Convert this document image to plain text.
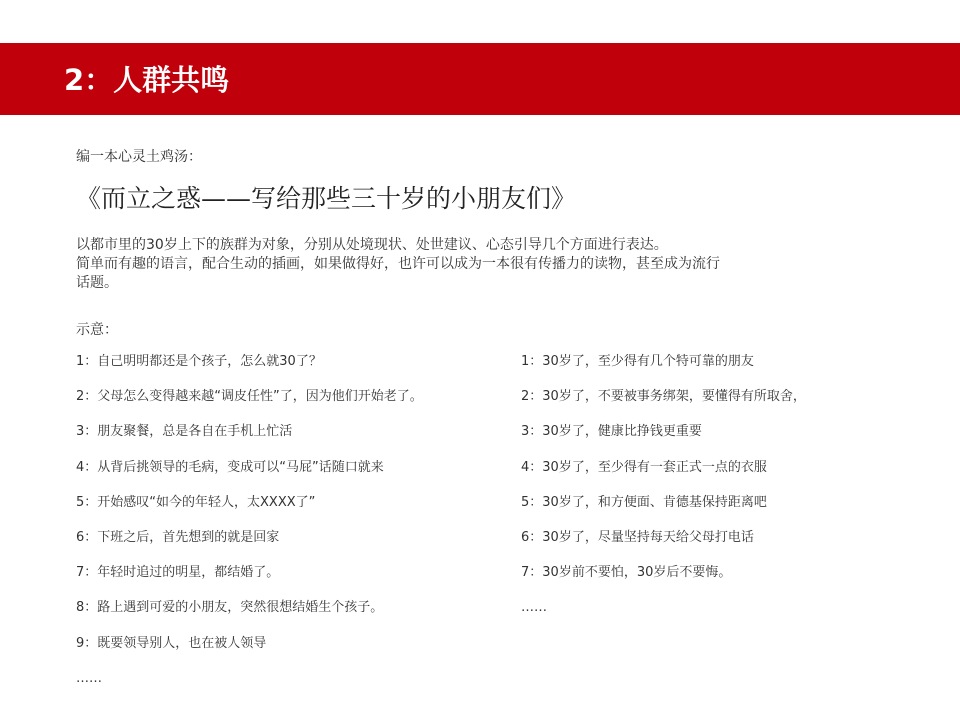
2：人群共鸣
编一本心灵土鸡汤：
《而立之惑——写给那些三十岁的小朋友们》
以都市里的30岁上下的族群为对象，分别从处境现状、处世建议、心态引导几个方面进行表达。
简单而有趣的语言，配合生动的插画，如果做得好，也许可以成为一本很有传播力的读物，甚至成为流行
话题。
示意：
1：自己明明都还是个孩子，怎么就30了？
2：父母怎么变得越来越“调皮任性”了，因为他们开始老了。
3：朋友聚餐，总是各自在手机上忙活
4：从背后挑领导的毛病，变成可以“马屁”话随口就来
5：开始感叹“如今的年轻人，太XXXX了”
6：下班之后，首先想到的就是回家
7：年轻时追过的明星，都结婚了。
8：路上遇到可爱的小朋友，突然很想结婚生个孩子。
9：既要领导别人，也在被人领导
……
1：30岁了，至少得有几个特可靠的朋友
2：30岁了，不要被事务绑架，要懂得有所取舍，
3：30岁了，健康比挣钱更重要
4：30岁了，至少得有一套正式一点的衣服
5：30岁了，和方便面、肯德基保持距离吧
6：30岁了，尽量坚持每天给父母打电话
7：30岁前不要怕，30岁后不要悔。
……
